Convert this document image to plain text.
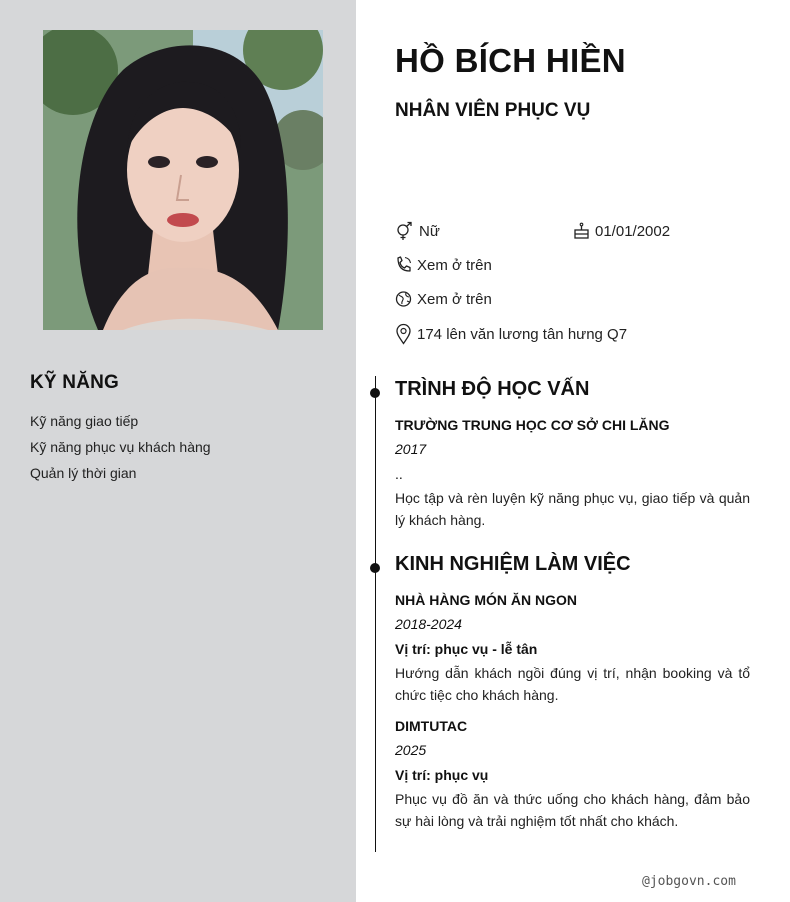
KỸ NĂNG
Kỹ năng giao tiếp
Kỹ năng phục vụ khách hàng
Quản lý thời gian
HỒ BÍCH HIỀN
NHÂN VIÊN PHỤC VỤ
Nữ	01/01/2002
Xem ở trên
Xem ở trên
174 lên văn lương tân hưng Q7
TRÌNH ĐỘ HỌC VẤN
TRƯỜNG TRUNG HỌC CƠ SỞ CHI LĂNG
2017
..
Học tập và rèn luyện kỹ năng phục vụ, giao tiếp và quản lý khách hàng.
KINH NGHIỆM LÀM VIỆC
NHÀ HÀNG MÓN ĂN NGON
2018-2024
Vị trí: phục vụ - lễ tân
Hướng dẫn khách ngồi đúng vị trí, nhận booking và tổ chức tiệc cho khách hàng.
DIMTUTAC
2025
Vị trí: phục vụ
Phục vụ đồ ăn và thức uống cho khách hàng, đảm bảo sự hài lòng và trải nghiệm tốt nhất cho khách.
@jobgovn.com
